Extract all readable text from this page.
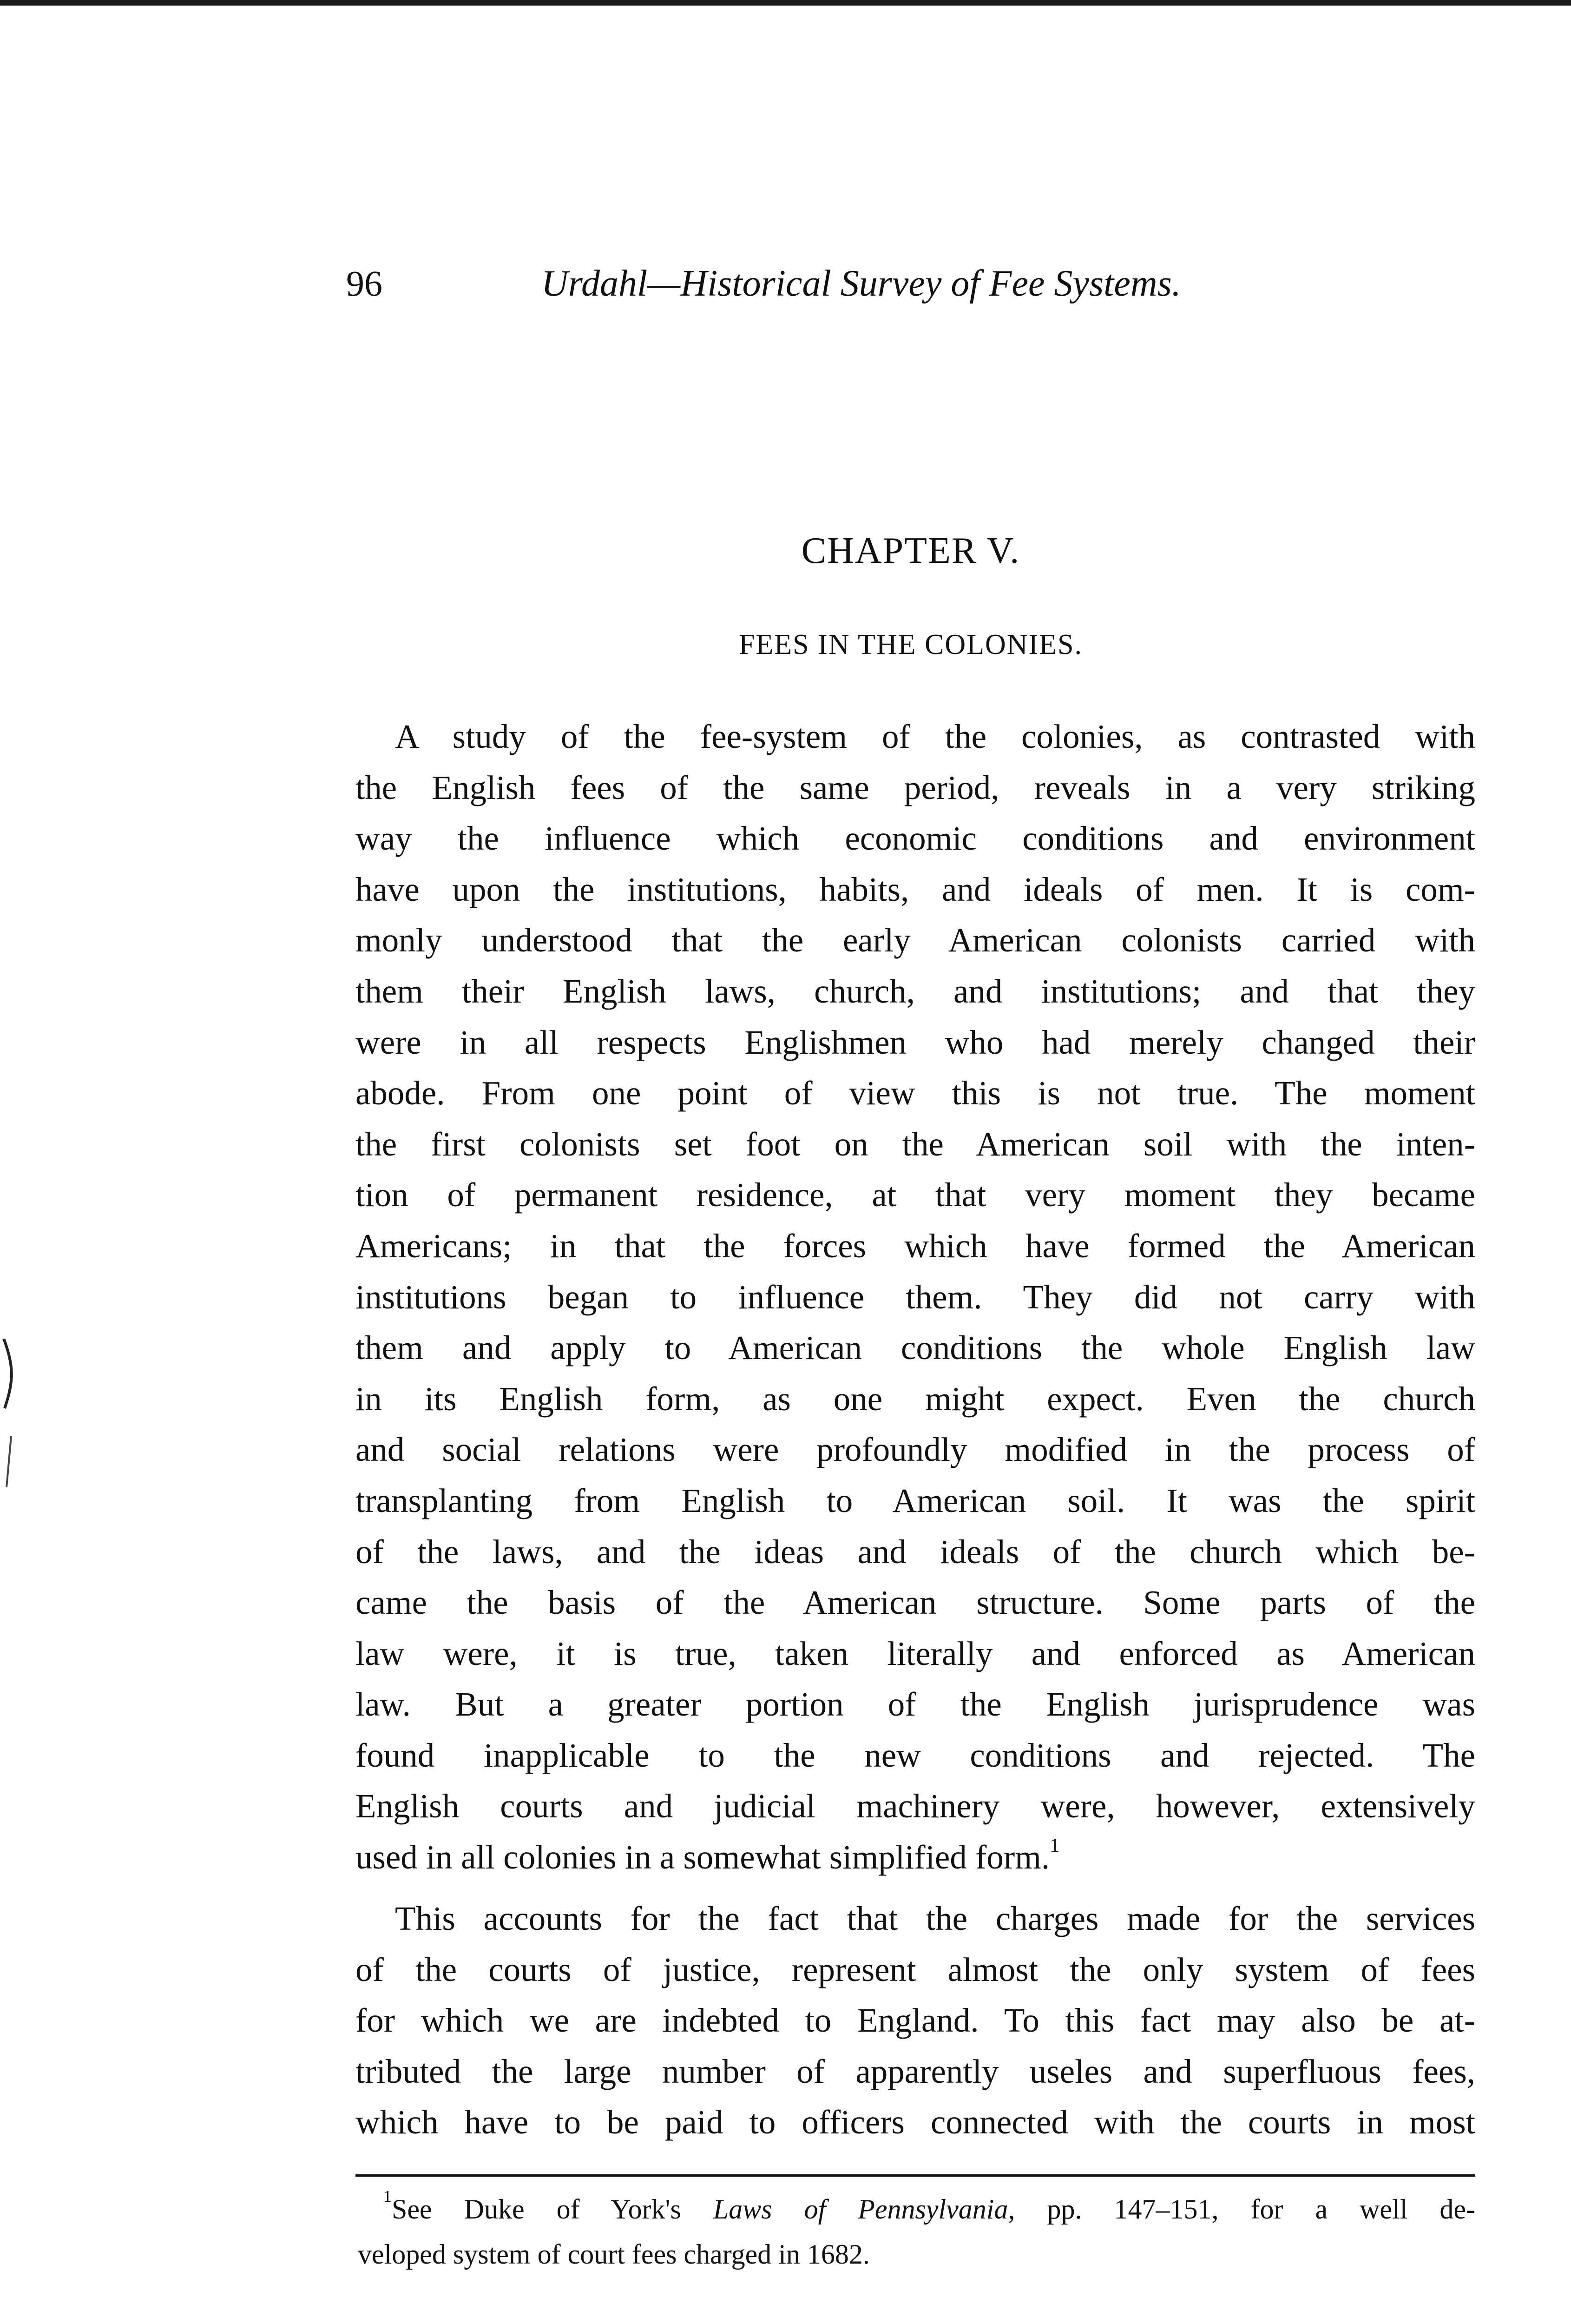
96	Urdahl—Historical Survey of Fee Systems.
CHAPTER V.
FEES IN THE COLONIES.
A study of the fee-system of the colonies, as contrasted with
the English fees of the same period, reveals in a very striking
way the influence which economic conditions and environment
have upon the institutions, habits, and ideals of men. It is com-
monly understood that the early American colonists carried with
them their English laws, church, and institutions; and that they
were in all respects Englishmen who had merely changed their
abode. From one point of view this is not true. The moment
the first colonists set foot on the American soil with the inten-
tion of permanent residence, at that very moment they became
Americans; in that the forces which have formed the American
institutions began to influence them. They did not carry with
them and apply to American conditions the whole English law
in its English form, as one might expect. Even the church
and social relations were profoundly modified in the process of
transplanting from English to American soil. It was the spirit
of the laws, and the ideas and ideals of the church which be-
came the basis of the American structure. Some parts of the
law were, it is true, taken literally and enforced as American
law. But a greater portion of the English jurisprudence was
found inapplicable to the new conditions and rejected. The
English courts and judicial machinery were, however, extensively
used in all colonies in a somewhat simplified form.$^1$
This accounts for the fact that the charges made for the services
of the courts of justice, represent almost the only system of fees
for which we are indebted to England. To this fact may also be at-
tributed the large number of apparently useles and superfluous fees,
which have to be paid to officers connected with the courts in most
$^1$See Duke of York's Laws of Pennsylvania, pp. 147–151, for a well de-
veloped system of court fees charged in 1682.
